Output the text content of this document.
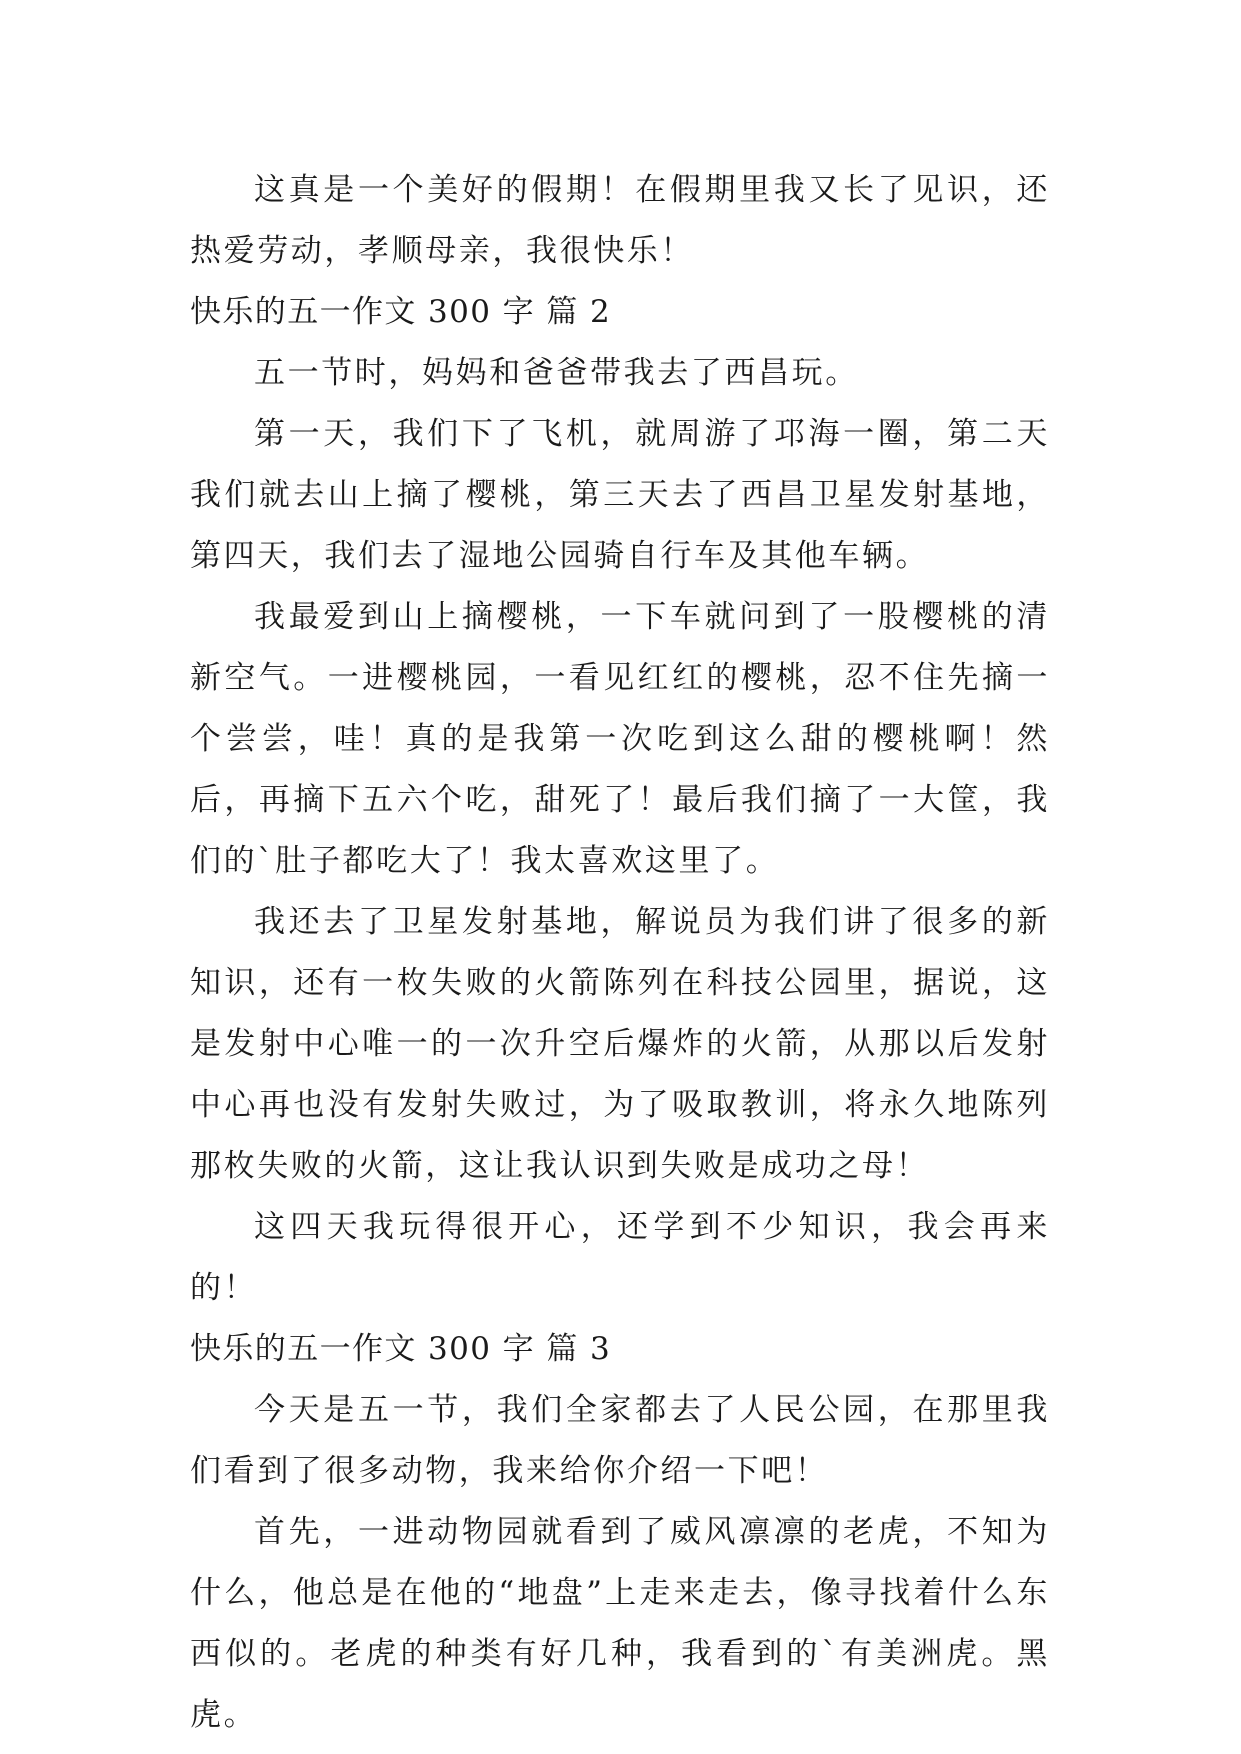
这真是一个美好的假期！在假期里我又长了见识，还热爱劳动，孝顺母亲，我很快乐！

快乐的五一作文 300 字 篇 2

五一节时，妈妈和爸爸带我去了西昌玩。

第一天，我们下了飞机，就周游了邛海一圈，第二天我们就去山上摘了樱桃，第三天去了西昌卫星发射基地，第四天，我们去了湿地公园骑自行车及其他车辆。

我最爱到山上摘樱桃，一下车就问到了一股樱桃的清新空气。一进樱桃园，一看见红红的樱桃，忍不住先摘一个尝尝，哇！真的是我第一次吃到这么甜的樱桃啊！然后，再摘下五六个吃，甜死了！最后我们摘了一大筐，我们的`肚子都吃大了！我太喜欢这里了。

我还去了卫星发射基地，解说员为我们讲了很多的新知识，还有一枚失败的火箭陈列在科技公园里，据说，这是发射中心唯一的一次升空后爆炸的火箭，从那以后发射中心再也没有发射失败过，为了吸取教训，将永久地陈列那枚失败的火箭，这让我认识到失败是成功之母！

这四天我玩得很开心，还学到不少知识，我会再来的！

快乐的五一作文 300 字 篇 3

今天是五一节，我们全家都去了人民公园，在那里我们看到了很多动物，我来给你介绍一下吧！

首先，一进动物园就看到了威风凛凛的老虎，不知为什么，他总是在他的“地盘”上走来走去，像寻找着什么东西似的。老虎的种类有好几种，我看到的`有美洲虎。黑虎。
